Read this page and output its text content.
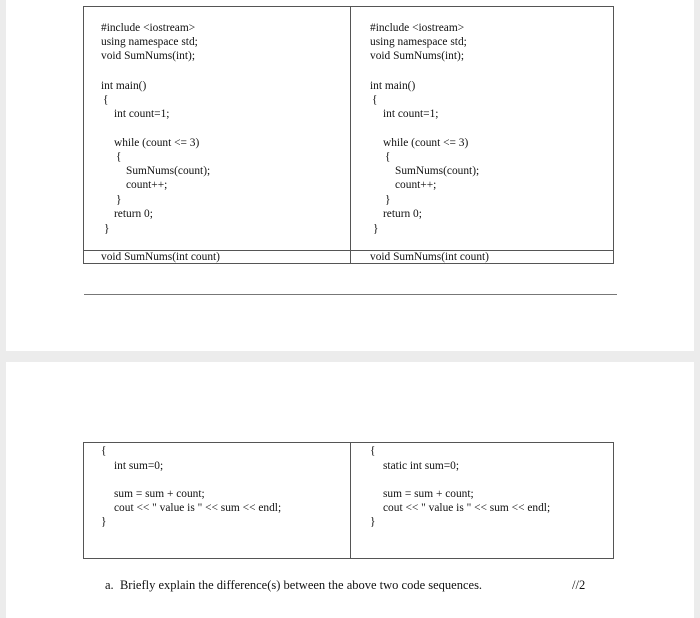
#include <iostream>
using namespace std;
void SumNums(int);
int main()
{
int count=1;
while (count <= 3)
{
SumNums(count);
count++;
}
return 0;
}
void SumNums(int count)
#include <iostream>
using namespace std;
void SumNums(int);
int main()
{
int count=1;
while (count <= 3)
{
SumNums(count);
count++;
}
return 0;
}
void SumNums(int count)
{
int sum=0;
sum = sum + count;
cout << " value is " << sum << endl;
}
{
static int sum=0;
sum = sum + count;
cout << " value is " << sum << endl;
}
a. Briefly explain the difference(s) between the above two code sequences.	//2
